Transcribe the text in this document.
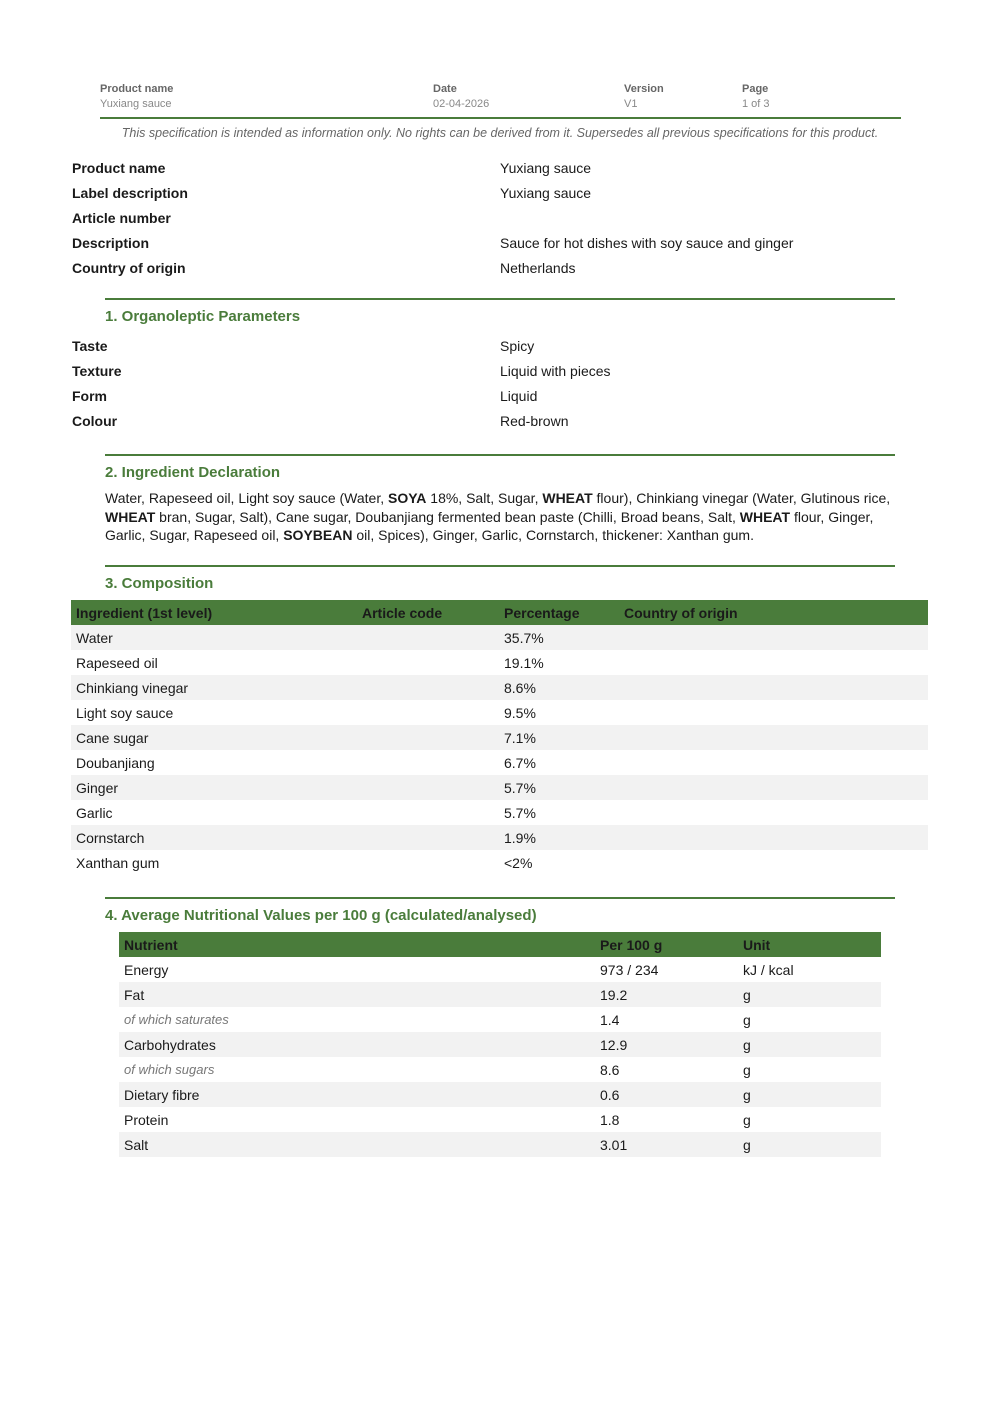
Product name
Yuxiang sauce
Date
02-04-2026
Version
V1
Page
1 of 3
This specification is intended as information only. No rights can be derived from it. Supersedes all previous specifications for this product.
Product name	Yuxiang sauce
Label description	Yuxiang sauce
Article number
Description	Sauce for hot dishes with soy sauce and ginger
Country of origin	Netherlands
1. Organoleptic Parameters
Taste	Spicy
Texture	Liquid with pieces
Form	Liquid
Colour	Red-brown
2. Ingredient Declaration
Water, Rapeseed oil, Light soy sauce (Water, SOYA 18%, Salt, Sugar, WHEAT flour), Chinkiang vinegar (Water, Glutinous rice, WHEAT bran, Sugar, Salt), Cane sugar, Doubanjiang fermented bean paste (Chilli, Broad beans, Salt, WHEAT flour, Ginger, Garlic, Sugar, Rapeseed oil, SOYBEAN oil, Spices), Ginger, Garlic, Cornstarch, thickener: Xanthan gum.
3. Composition
Ingredient (1st level)	Article code	Percentage	Country of origin
Water		35.7%	
Rapeseed oil		19.1%	
Chinkiang vinegar		8.6%	
Light soy sauce		9.5%	
Cane sugar		7.1%	
Doubanjiang		6.7%	
Ginger		5.7%	
Garlic		5.7%	
Cornstarch		1.9%	
Xanthan gum		<2%	
4. Average Nutritional Values per 100 g (calculated/analysed)
Nutrient	Per 100 g	Unit
Energy	973 / 234	kJ / kcal
Fat	19.2	g
of which saturates	1.4	g
Carbohydrates	12.9	g
of which sugars	8.6	g
Dietary fibre	0.6	g
Protein	1.8	g
Salt	3.01	g
